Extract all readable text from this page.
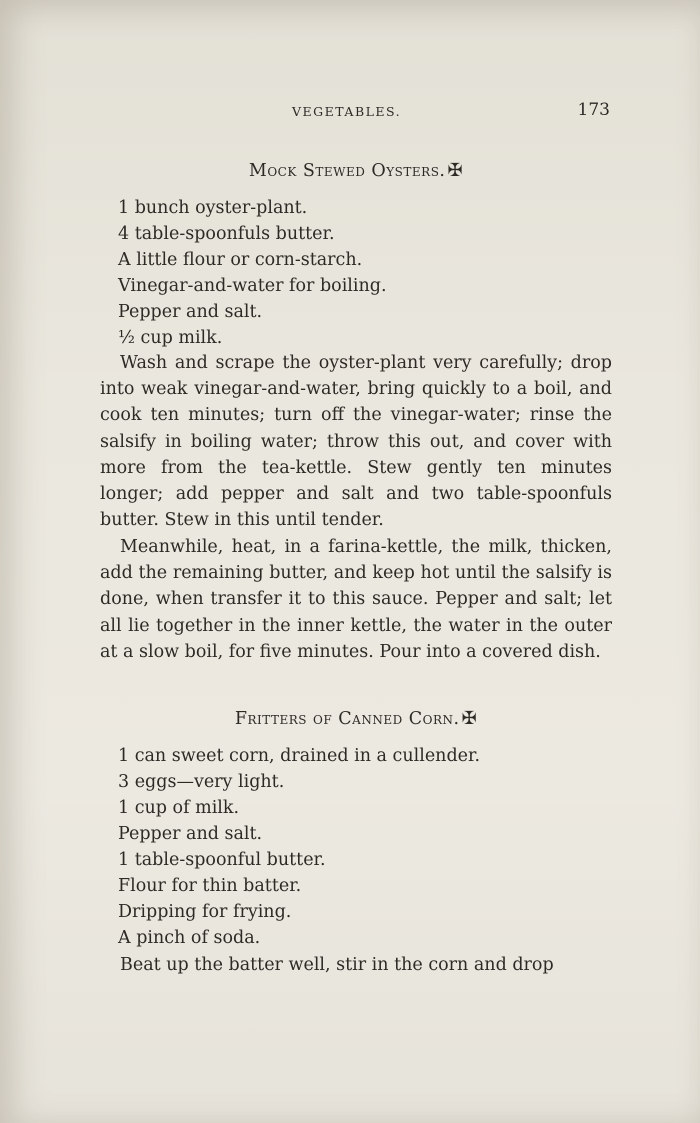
VEGETABLES.	173
Mock Stewed Oysters. ✠
1 bunch oyster-plant.
4 table-spoonfuls butter.
A little flour or corn-starch.
Vinegar-and-water for boiling.
Pepper and salt.
½ cup milk.

Wash and scrape the oyster-plant very carefully; drop into weak vinegar-and-water, bring quickly to a boil, and cook ten minutes; turn off the vinegar-water; rinse the salsify in boiling water; throw this out, and cover with more from the tea-kettle. Stew gently ten minutes longer; add pepper and salt and two table-spoonfuls butter. Stew in this until tender.

Meanwhile, heat, in a farina-kettle, the milk, thicken, add the remaining butter, and keep hot until the salsify is done, when transfer it to this sauce. Pepper and salt; let all lie together in the inner kettle, the water in the outer at a slow boil, for five minutes. Pour into a covered dish.

Fritters of Canned Corn. ✠
1 can sweet corn, drained in a cullender.
3 eggs—very light.
1 cup of milk.
Pepper and salt.
1 table-spoonful butter.
Flour for thin batter.
Dripping for frying.
A pinch of soda.

Beat up the batter well, stir in the corn and drop
